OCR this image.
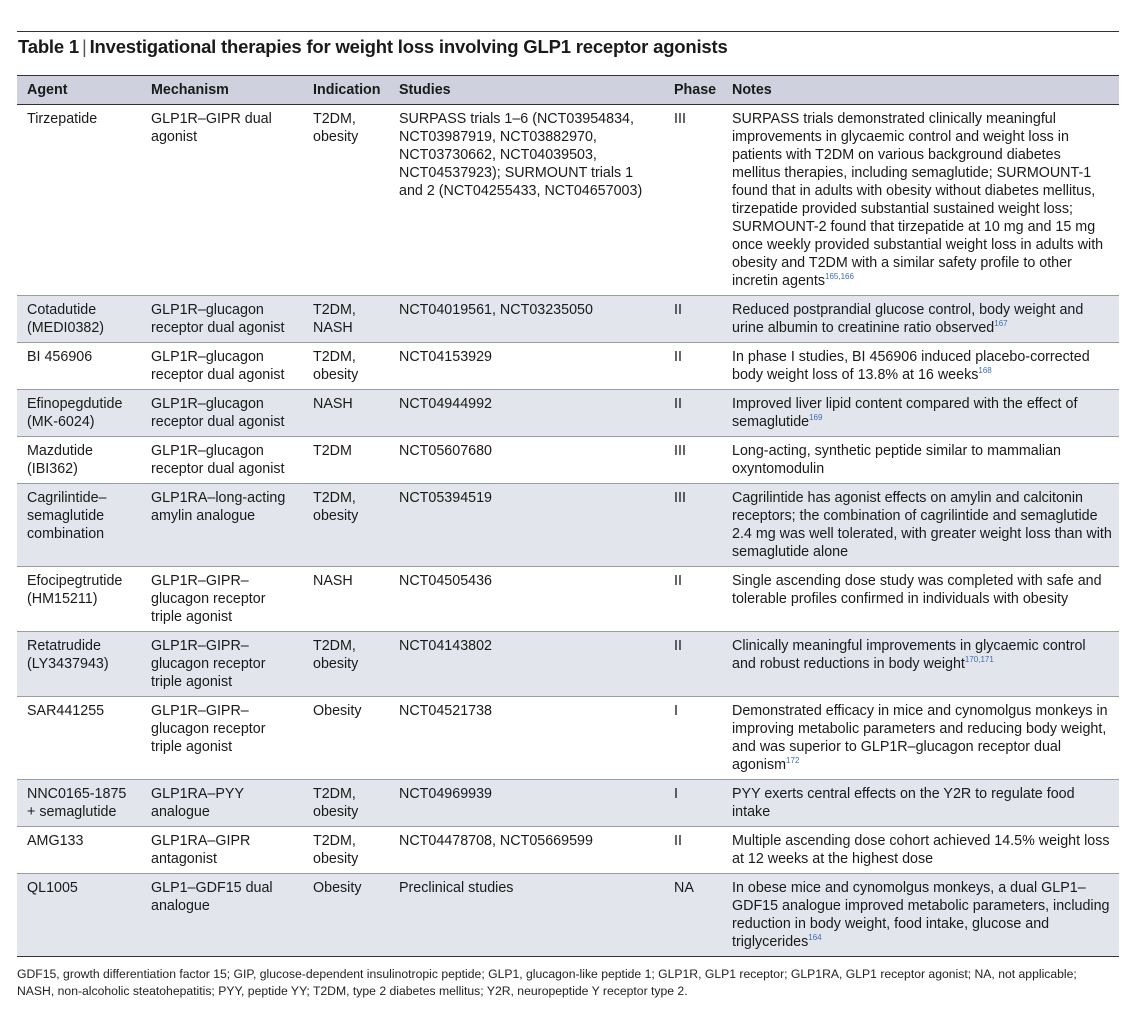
Table 1 | Investigational therapies for weight loss involving GLP1 receptor agonists
Agent	Mechanism	Indication	Studies	Phase	Notes
Tirzepatide	GLP1R–GIPR dual agonist	T2DM, obesity	SURPASS trials 1–6 (NCT03954834, NCT03987919, NCT03882970, NCT03730662, NCT04039503, NCT04537923); SURMOUNT trials 1 and 2 (NCT04255433, NCT04657003)	III	SURPASS trials demonstrated clinically meaningful improvements in glycaemic control and weight loss in patients with T2DM on various background diabetes mellitus therapies, including semaglutide; SURMOUNT-1 found that in adults with obesity without diabetes mellitus, tirzepatide provided substantial sustained weight loss; SURMOUNT-2 found that tirzepatide at 10 mg and 15 mg once weekly provided substantial weight loss in adults with obesity and T2DM with a similar safety profile to other incretin agents$^{165,166}$
Cotadutide (MEDI0382)	GLP1R–glucagon receptor dual agonist	T2DM, NASH	NCT04019561, NCT03235050	II	Reduced postprandial glucose control, body weight and urine albumin to creatinine ratio observed$^{167}$
BI 456906	GLP1R–glucagon receptor dual agonist	T2DM, obesity	NCT04153929	II	In phase I studies, BI 456906 induced placebo-corrected body weight loss of 13.8% at 16 weeks$^{168}$
Efinopegdutide (MK-6024)	GLP1R–glucagon receptor dual agonist	NASH	NCT04944992	II	Improved liver lipid content compared with the effect of semaglutide$^{169}$
Mazdutide (IBI362)	GLP1R–glucagon receptor dual agonist	T2DM	NCT05607680	III	Long-acting, synthetic peptide similar to mammalian oxyntomodulin
Cagrilintide–semaglutide combination	GLP1RA–long-acting amylin analogue	T2DM, obesity	NCT05394519	III	Cagrilintide has agonist effects on amylin and calcitonin receptors; the combination of cagrilintide and semaglutide 2.4 mg was well tolerated, with greater weight loss than with semaglutide alone
Efocipegtrutide (HM15211)	GLP1R–GIPR–glucagon receptor triple agonist	NASH	NCT04505436	II	Single ascending dose study was completed with safe and tolerable profiles confirmed in individuals with obesity
Retatrudide (LY3437943)	GLP1R–GIPR–glucagon receptor triple agonist	T2DM, obesity	NCT04143802	II	Clinically meaningful improvements in glycaemic control and robust reductions in body weight$^{170,171}$
SAR441255	GLP1R–GIPR–glucagon receptor triple agonist	Obesity	NCT04521738	I	Demonstrated efficacy in mice and cynomolgus monkeys in improving metabolic parameters and reducing body weight, and was superior to GLP1R–glucagon receptor dual agonism$^{172}$
NNC0165-1875 + semaglutide	GLP1RA–PYY analogue	T2DM, obesity	NCT04969939	I	PYY exerts central effects on the Y2R to regulate food intake
AMG133	GLP1RA–GIPR antagonist	T2DM, obesity	NCT04478708, NCT05669599	II	Multiple ascending dose cohort achieved 14.5% weight loss at 12 weeks at the highest dose
QL1005	GLP1–GDF15 dual analogue	Obesity	Preclinical studies	NA	In obese mice and cynomolgus monkeys, a dual GLP1–GDF15 analogue improved metabolic parameters, including reduction in body weight, food intake, glucose and triglycerides$^{164}$
GDF15, growth differentiation factor 15; GIP, glucose-dependent insulinotropic peptide; GLP1, glucagon-like peptide 1; GLP1R, GLP1 receptor; GLP1RA, GLP1 receptor agonist; NA, not applicable; NASH, non-alcoholic steatohepatitis; PYY, peptide YY; T2DM, type 2 diabetes mellitus; Y2R, neuropeptide Y receptor type 2.
